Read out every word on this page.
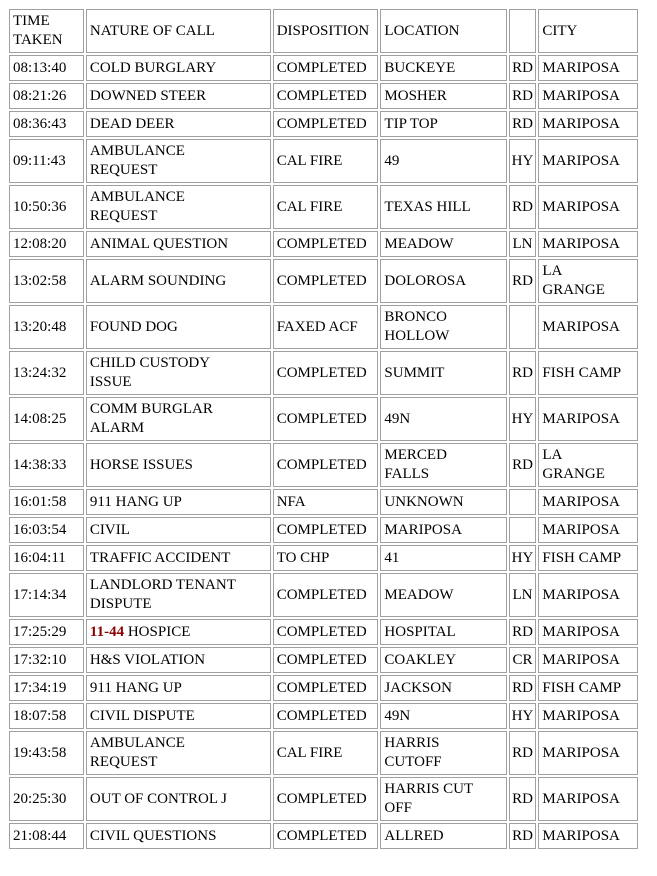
TIME
TAKEN	NATURE OF CALL	DISPOSITION	LOCATION		CITY
08:13:40	COLD BURGLARY	COMPLETED	BUCKEYE	RD	MARIPOSA
08:21:26	DOWNED STEER	COMPLETED	MOSHER	RD	MARIPOSA
08:36:43	DEAD DEER	COMPLETED	TIP TOP	RD	MARIPOSA
09:11:43	AMBULANCE
REQUEST	CAL FIRE	49	HY	MARIPOSA
10:50:36	AMBULANCE
REQUEST	CAL FIRE	TEXAS HILL	RD	MARIPOSA
12:08:20	ANIMAL QUESTION	COMPLETED	MEADOW	LN	MARIPOSA
13:02:58	ALARM SOUNDING	COMPLETED	DOLOROSA	RD	LA
GRANGE
13:20:48	FOUND DOG	FAXED ACF	BRONCO
HOLLOW		MARIPOSA
13:24:32	CHILD CUSTODY
ISSUE	COMPLETED	SUMMIT	RD	FISH CAMP
14:08:25	COMM BURGLAR
ALARM	COMPLETED	49N	HY	MARIPOSA
14:38:33	HORSE ISSUES	COMPLETED	MERCED
FALLS	RD	LA
GRANGE
16:01:58	911 HANG UP	NFA	UNKNOWN		MARIPOSA
16:03:54	CIVIL	COMPLETED	MARIPOSA		MARIPOSA
16:04:11	TRAFFIC ACCIDENT	TO CHP	41	HY	FISH CAMP
17:14:34	LANDLORD TENANT
DISPUTE	COMPLETED	MEADOW	LN	MARIPOSA
17:25:29	11-44 HOSPICE	COMPLETED	HOSPITAL	RD	MARIPOSA
17:32:10	H&S VIOLATION	COMPLETED	COAKLEY	CR	MARIPOSA
17:34:19	911 HANG UP	COMPLETED	JACKSON	RD	FISH CAMP
18:07:58	CIVIL DISPUTE	COMPLETED	49N	HY	MARIPOSA
19:43:58	AMBULANCE
REQUEST	CAL FIRE	HARRIS
CUTOFF	RD	MARIPOSA
20:25:30	OUT OF CONTROL J	COMPLETED	HARRIS CUT
OFF	RD	MARIPOSA
21:08:44	CIVIL QUESTIONS	COMPLETED	ALLRED	RD	MARIPOSA
